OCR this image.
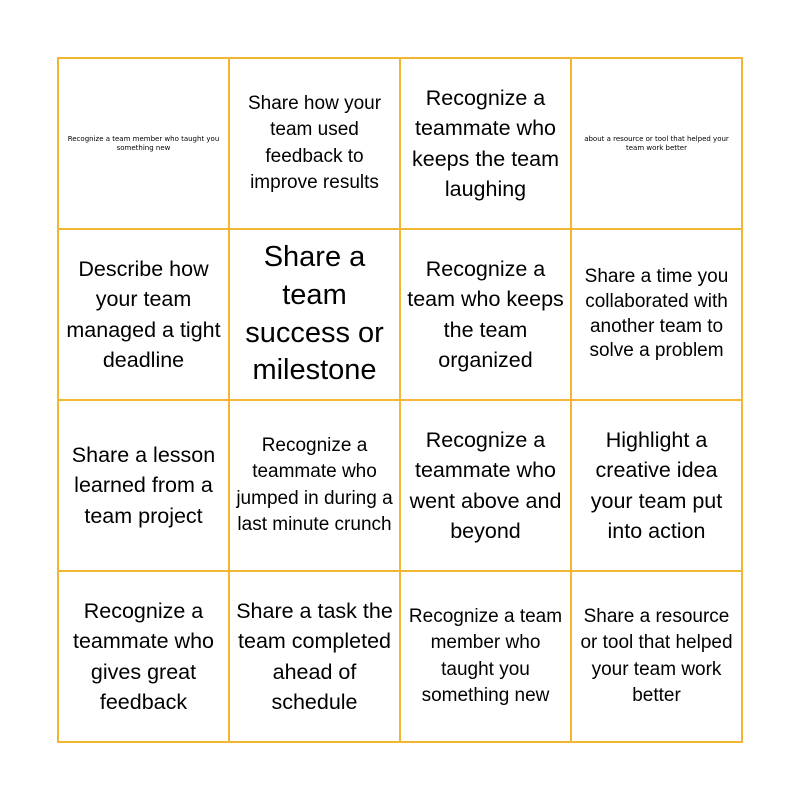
Recognize a team member who taught you something new
Share how your team used feedback to improve results
Recognize a teammate who keeps the team laughing
about a resource or tool that helped your team work better
Describe how your team managed a tight deadline
Share a team success or milestone
Recognize a team who keeps the team organized
Share a time you collaborated with another team to solve a problem
Share a lesson learned from a team project
Recognize a teammate who jumped in during a last minute crunch
Recognize a teammate who went above and beyond
Highlight a creative idea your team put into action
Recognize a teammate who gives great feedback
Share a task the team completed ahead of schedule
Recognize a team member who taught you something new
Share a resource or tool that helped your team work better
